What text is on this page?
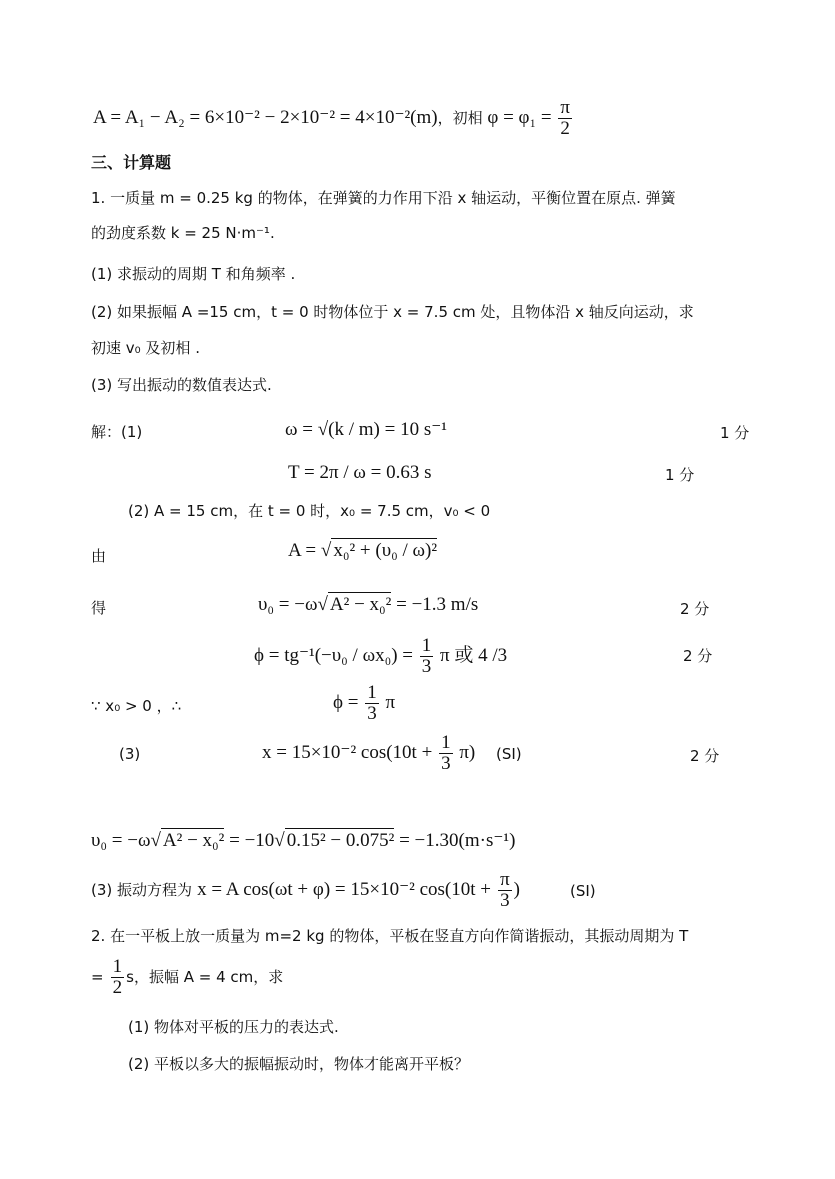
A = A₁ − A₂ = 6×10⁻² − 2×10⁻² = 4×10⁻²(m)，初相 $\varphi = \varphi_1 = \frac{\pi}{2}$
三、计算题
1. 一质量 m = 0.25 kg 的物体，在弹簧的力作用下沿 x 轴运动，平衡位置在原点. 弹簧
的劲度系数 k = 25 N·m⁻¹.
(1) 求振动的周期 T 和角频率 .
(2) 如果振幅 A =15 cm，t = 0 时物体位于 x = 7.5 cm 处，且物体沿 x 轴反向运动，求
初速 v₀ 及初相 .
(3) 写出振动的数值表达式.
解：(1)	ω = √(k / m) = 10 s⁻¹	1 分
T = 2π / ω = 0.63 s	1 分
(2) A = 15 cm，在 t = 0 时，x₀ = 7.5 cm，v₀ < 0
由	A = √ x₀² + (υ₀ / ω)²
得	υ₀ = −ω√ A² − x₀² = −1.3 m/s	2 分
$\phi = tg^{-1}(-\upsilon_0 / \omega x_0) = \frac{1}{3}$ π 或 4 /3	2 分
∵ x₀ > 0 ，∴	$\phi = \frac{1}{3}$ π
(3)	x = 15×10⁻² $\cos(10t + \frac{1}{3} \pi)$ (SI)	2 分
υ₀ = −ω√ A² − x₀² = −10√ 0.15² − 0.075² = −1.30(m·s⁻¹)
(3) 振动方程为 x = A cos(ωt + φ) = 15×10⁻² $\cos(10t + \frac{\pi}{3}$ )	(SI)
2. 在一平板上放一质量为 m=2 kg 的物体，平板在竖直方向作简谐振动，其振动周期为 T
= $\frac{1}{2}$ s，振幅 A = 4 cm，求
(1) 物体对平板的压力的表达式.
(2) 平板以多大的振幅振动时，物体才能离开平板？
